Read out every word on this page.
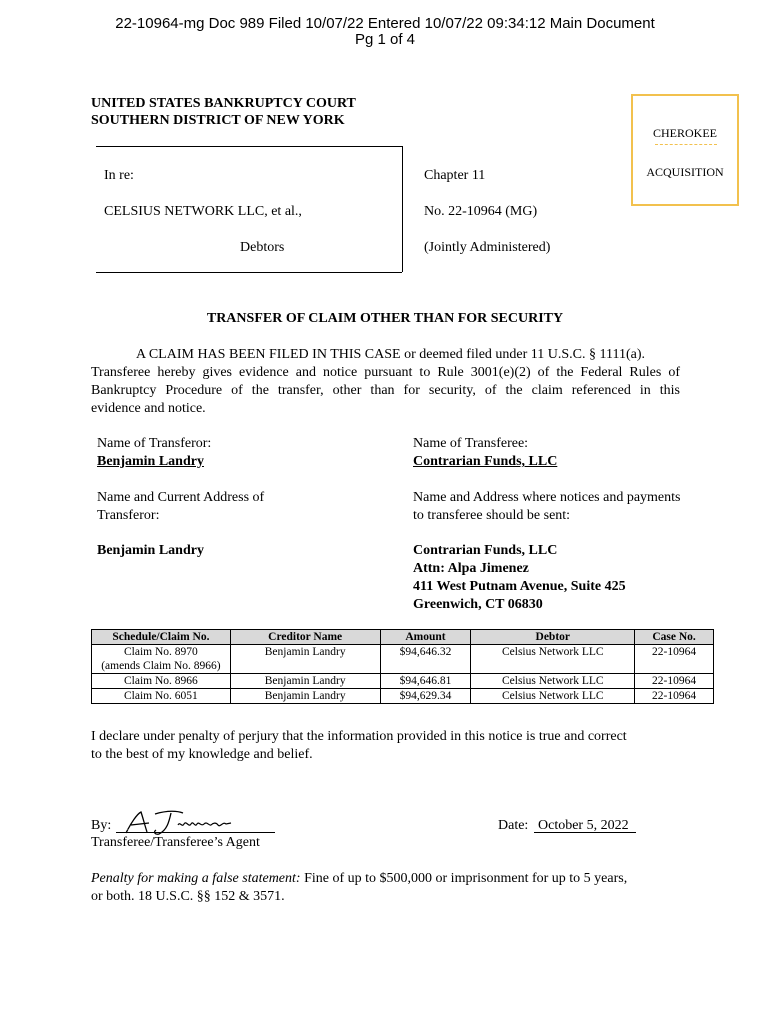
22-10964-mg Doc 989 Filed 10/07/22 Entered 10/07/22 09:34:12 Main Document
Pg 1 of 4
UNITED STATES BANKRUPTCY COURT
SOUTHERN DISTRICT OF NEW YORK
CHEROKEE
ACQUISITION
In re:
CELSIUS NETWORK LLC, et al.,
Debtors
Chapter 11
No. 22-10964 (MG)
(Jointly Administered)
TRANSFER OF CLAIM OTHER THAN FOR SECURITY
A CLAIM HAS BEEN FILED IN THIS CASE or deemed filed under 11 U.S.C. § 1111(a).
Transferee hereby gives evidence and notice pursuant to Rule 3001(e)(2) of the Federal Rules of
Bankruptcy Procedure of the transfer, other than for security, of the claim referenced in this
evidence and notice.
Name of Transferor:
Benjamin Landry
Name of Transferee:
Contrarian Funds, LLC
Name and Current Address of
Transferor:
Name and Address where notices and payments
to transferee should be sent:
Benjamin Landry	Contrarian Funds, LLC
Attn: Alpa Jimenez
411 West Putnam Avenue, Suite 425
Greenwich, CT 06830
Schedule/Claim No.	Creditor Name	Amount	Debtor	Case No.

Claim No. 8970
(amends Claim No. 8966)	Benjamin Landry	$94,646.32	Celsius Network LLC	22-10964
Claim No. 8966	Benjamin Landry	$94,646.81	Celsius Network LLC	22-10964
Claim No. 6051	Benjamin Landry	$94,629.34	Celsius Network LLC	22-10964
I declare under penalty of perjury that the information provided in this notice is true and correct
to the best of my knowledge and belief.
By:	A Jimenez
Transferee/Transferee’s Agent
Date: October 5, 2022
Penalty for making a false statement: Fine of up to $500,000 or imprisonment for up to 5 years,
or both. 18 U.S.C. §§ 152 & 3571.
